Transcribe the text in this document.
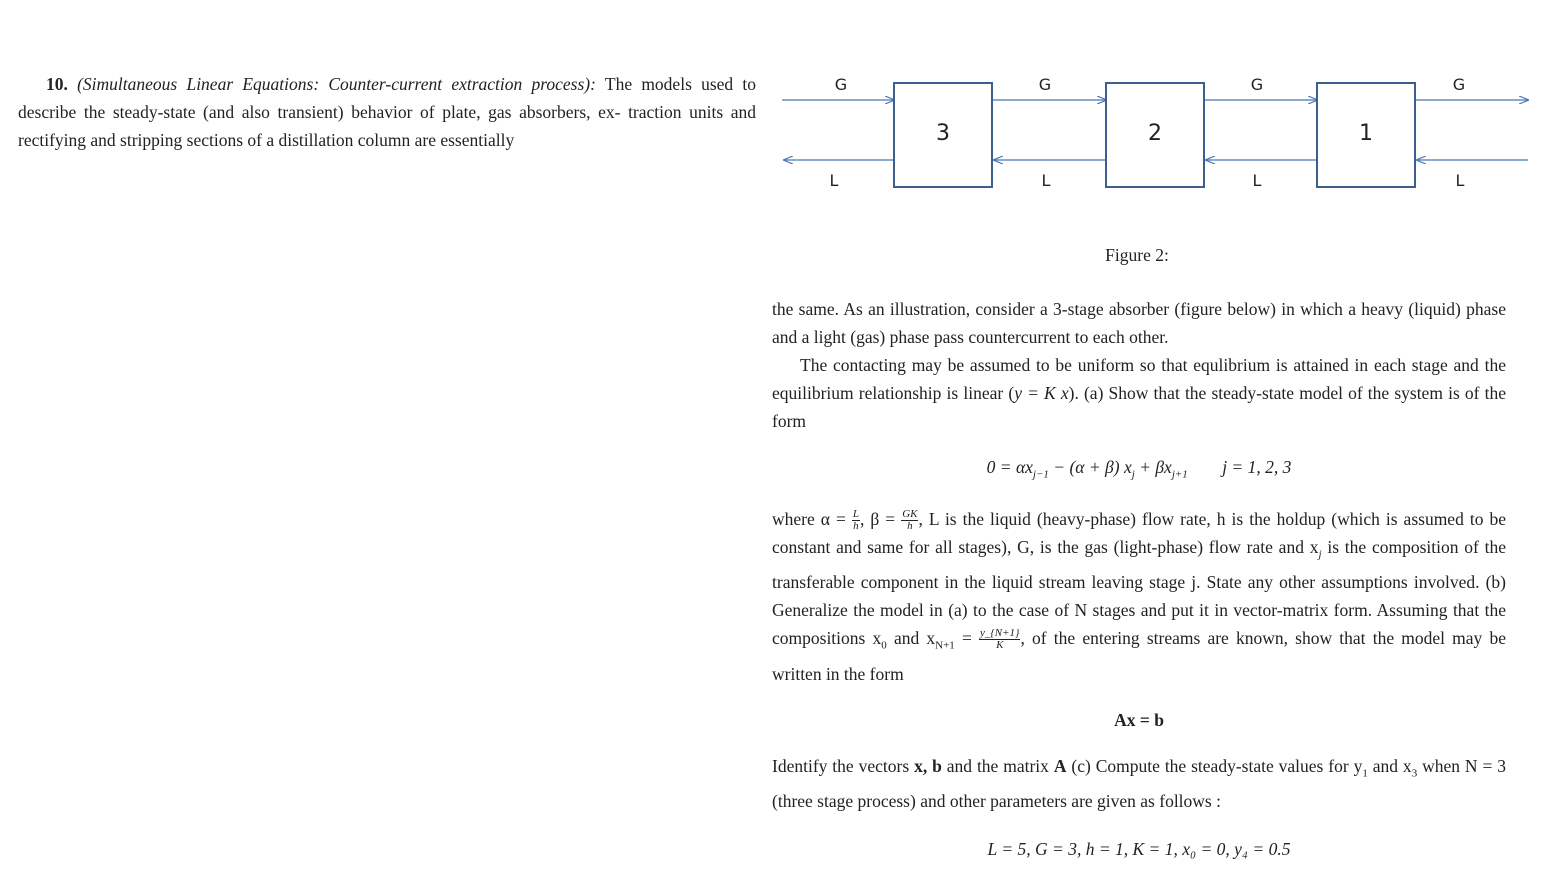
10. (Simultaneous Linear Equations: Counter-current extraction process): The models used to describe the steady-state (and also transient) behavior of plate, gas absorbers, ex- traction units and rectifying and stripping sections of a distillation column are essentially	3	2	1
G	G	G	G
L	L	L	L
Figure 2:

the same. As an illustration, consider a 3-stage absorber (figure below) in which a heavy (liquid) phase and a light (gas) phase pass countercurrent to each other.

The contacting may be assumed to be uniform so that equlibrium is attained in each stage and the equilibrium relationship is linear (y = K x). (a) Show that the steady-state model of the system is of the form

$0 = \alpha x_{j-1} - (\alpha + \beta) x_j + \beta x_{j+1}$ j = 1, 2, 3

where $\alpha = \frac{L}{h}$ , $\beta = \frac{GK}{h}$ , L is the liquid (heavy-phase) flow rate, h is the holdup (which is assumed to be constant and same for all stages), G, is the gas (light-phase) flow rate and $x_j$ is the composition of the transferable component in the liquid stream leaving stage j. State any other assumptions involved. (b) Generalize the model in (a) to the case of N stages and put it in vector-matrix form. Assuming that the compositions $x_0$ and $x_{N+1} = \frac{y\_\{N+1\}}{K}$ , of the entering streams are known, show that the model may be written in the form

Ax = b

Identify the vectors x, b and the matrix A (c) Compute the steady-state values for $y_1$ and $x_3$ when N = 3 (three stage process) and other parameters are given as follows :

L = 5, G = 3, h = 1, K = 1, x₀ = 0, y₄ = 0.5
